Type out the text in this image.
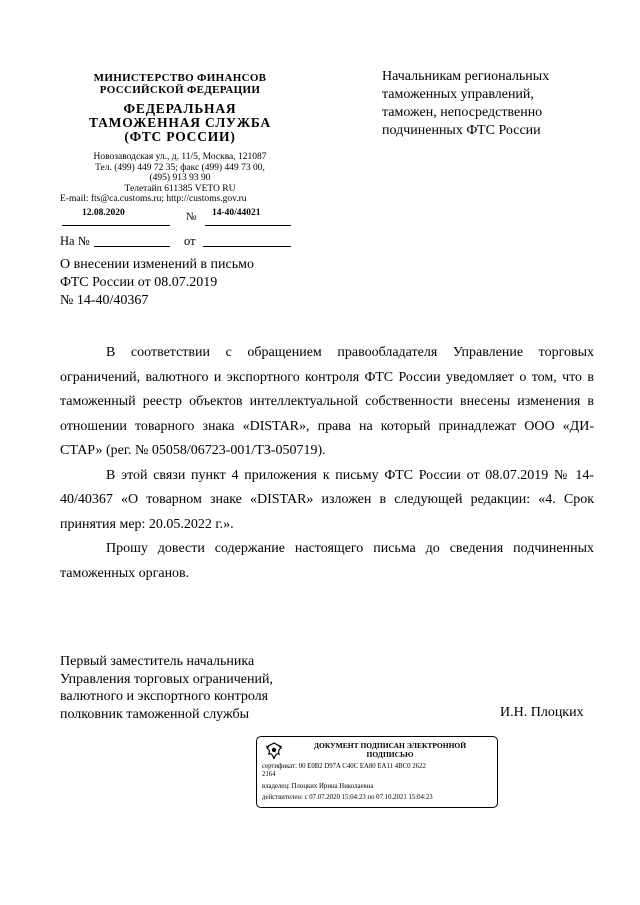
МИНИСТЕРСТВО ФИНАНСОВ
РОССИЙСКОЙ ФЕДЕРАЦИИ
ФЕДЕРАЛЬНАЯ
ТАМОЖЕННАЯ СЛУЖБА
(ФТС РОССИИ)
Новозаводская ул., д. 11/5, Москва, 121087
Тел. (499) 449 72 35; факс (499) 449 73 00,
(495) 913 93 90
Телетайп 611385 VETO RU
E-mail: fts@ca.customs.ru; http://customs.gov.ru
12.08.2020	№ 14-40/44021
На №	от
Начальникам региональных
таможенных управлений,
таможен, непосредственно
подчиненных ФТС России
О внесении изменений в письмо
ФТС России от 08.07.2019
№ 14-40/40367

В соответствии с обращением правообладателя Управление торговых ограничений, валютного и экспортного контроля ФТС России уведомляет о том, что в таможенный реестр объектов интеллектуальной собственности внесены изменения в отношении товарного знака «DISTAR», права на который принадлежат ООО «ДИ-СТАР» (рег. № 05058/06723-001/ТЗ-050719).

В этой связи пункт 4 приложения к письму ФТС России от 08.07.2019 № 14-40/40367 «О товарном знаке «DISTAR» изложен в следующей редакции: «4. Срок принятия мер: 20.05.2022 г.».

Прошу довести содержание настоящего письма до сведения подчиненных таможенных органов.

Первый заместитель начальника
Управления торговых ограничений,
валютного и экспортного контроля
полковник таможенной службы	И.Н. Плоцких
ДОКУМЕНТ ПОДПИСАН ЭЛЕКТРОННОЙ
ПОДПИСЬЮ
сертификат: 00 E0B2 D97A C40C EA80 EA11 4BC0 2622
2164
владелец: Плоцких Ирина Николаевна
действителен: с 07.07.2020 15:04:23 по 07.10.2021 15:04:23
